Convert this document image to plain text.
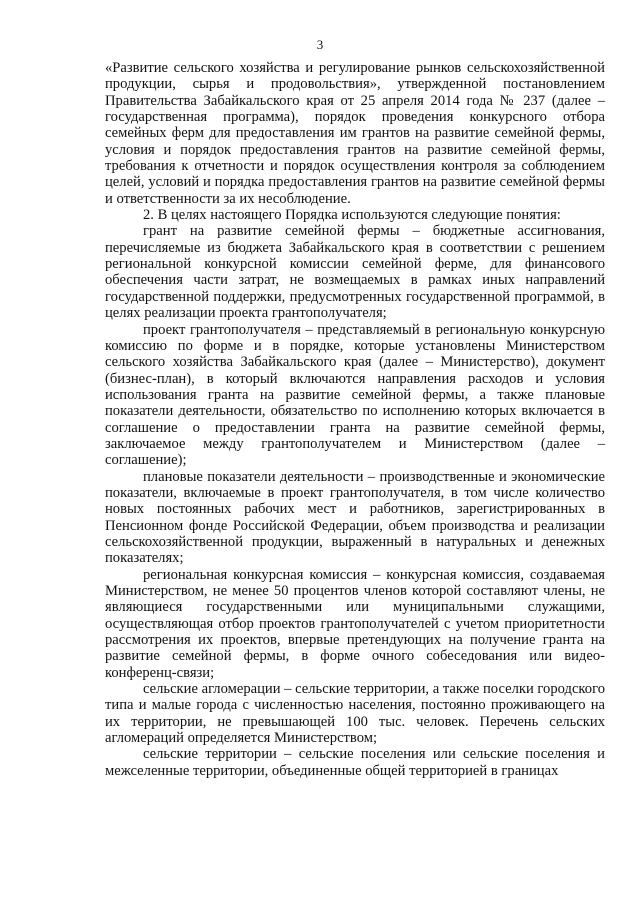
3

«Развитие сельского хозяйства и регулирование рынков сельскохозяйственной продукции, сырья и продовольствия», утвержденной постановлением Правительства Забайкальского края от 25 апреля 2014 года № 237 (далее – государственная программа), порядок проведения конкурсного отбора семейных ферм для предоставления им грантов на развитие семейной фермы, условия и порядок предоставления грантов на развитие семейной фермы, требования к отчетности и порядок осуществления контроля за соблюдением целей, условий и порядка предоставления грантов на развитие семейной фермы и ответственности за их несоблюдение.

2. В целях настоящего Порядка используются следующие понятия:

грант на развитие семейной фермы – бюджетные ассигнования, перечисляемые из бюджета Забайкальского края в соответствии с решением региональной конкурсной комиссии семейной ферме, для финансового обеспечения части затрат, не возмещаемых в рамках иных направлений государственной поддержки, предусмотренных государственной программой, в целях реализации проекта грантополучателя;

проект грантополучателя – представляемый в региональную конкурсную комиссию по форме и в порядке, которые установлены Министерством сельского хозяйства Забайкальского края (далее – Министерство), документ (бизнес-план), в который включаются направления расходов и условия использования гранта на развитие семейной фермы, а также плановые показатели деятельности, обязательство по исполнению которых включается в соглашение о предоставлении гранта на развитие семейной фермы, заключаемое между грантополучателем и Министерством (далее – соглашение);

плановые показатели деятельности – производственные и экономические показатели, включаемые в проект грантополучателя, в том числе количество новых постоянных рабочих мест и работников, зарегистрированных в Пенсионном фонде Российской Федерации, объем производства и реализации сельскохозяйственной продукции, выраженный в натуральных и денежных показателях;

региональная конкурсная комиссия – конкурсная комиссия, создаваемая Министерством, не менее 50 процентов членов которой составляют члены, не являющиеся государственными или муниципальными служащими, осуществляющая отбор проектов грантополучателей с учетом приоритетности рассмотрения их проектов, впервые претендующих на получение гранта на развитие семейной фермы, в форме очного собеседования или видео-конференц-связи;

сельские агломерации – сельские территории, а также поселки городского типа и малые города с численностью населения, постоянно проживающего на их территории, не превышающей 100 тыс. человек. Перечень сельских агломераций определяется Министерством;

сельские территории – сельские поселения или сельские поселения и межселенные территории, объединенные общей территорией в границах
